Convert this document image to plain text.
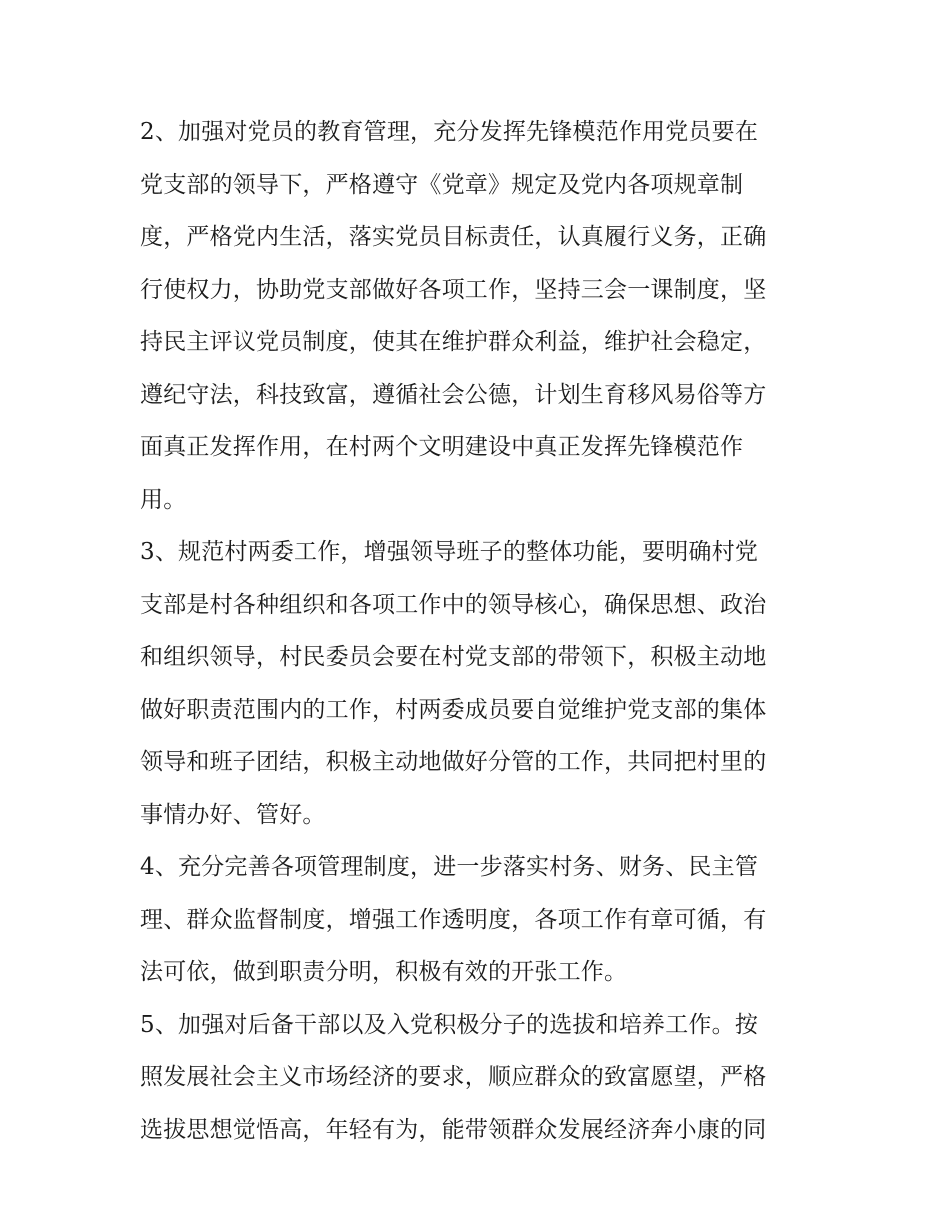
2、加强对党员的教育管理，充分发挥先锋模范作用党员要在
党支部的领导下，严格遵守《党章》规定及党内各项规章制
度，严格党内生活，落实党员目标责任，认真履行义务，正确
行使权力，协助党支部做好各项工作，坚持三会一课制度，坚
持民主评议党员制度，使其在维护群众利益，维护社会稳定，
遵纪守法，科技致富，遵循社会公德，计划生育移风易俗等方
面真正发挥作用，在村两个文明建设中真正发挥先锋模范作
用。

3、规范村两委工作，增强领导班子的整体功能，要明确村党
支部是村各种组织和各项工作中的领导核心，确保思想、政治
和组织领导，村民委员会要在村党支部的带领下，积极主动地
做好职责范围内的工作，村两委成员要自觉维护党支部的集体
领导和班子团结，积极主动地做好分管的工作，共同把村里的
事情办好、管好。

4、充分完善各项管理制度，进一步落实村务、财务、民主管
理、群众监督制度，增强工作透明度，各项工作有章可循，有
法可依，做到职责分明，积极有效的开张工作。

5、加强对后备干部以及入党积极分子的选拔和培养工作。按
照发展社会主义市场经济的要求，顺应群众的致富愿望，严格
选拔思想觉悟高，年轻有为，能带领群众发展经济奔小康的同
